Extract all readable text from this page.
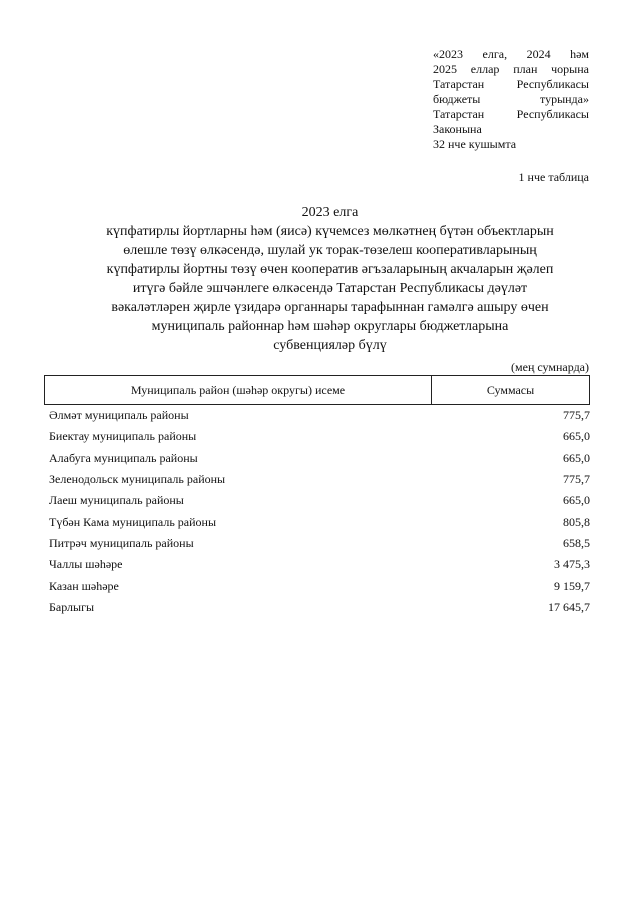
«2023 елга, 2024 һәм
2025 еллар план чорына
Татарстан Республикасы
бюджеты турында»
Татарстан Республикасы
Законына
32 нче кушымта
1 нче таблица
2023 елга
күпфатирлы йортларны һәм (яисә) күчемсез мөлкәтнең бүтән объектларын
өлешле төзү өлкәсендә, шулай ук торак-төзелеш кооперативларының
күпфатирлы йортны төзү өчен кооператив әгъзаларының акчаларын җәлеп
итүгә бәйле эшчәнлеге өлкәсендә Татарстан Республикасы дәүләт
вәкаләтләрен җирле үзидарә органнары тарафыннан гамәлгә ашыру өчен
муниципаль районнар һәм шәһәр округлары бюджетларына
субвенцияләр бүлү
(мең сумнарда)
Муниципаль район (шәһәр округы) исеме	Суммасы
Әлмәт муниципаль районы	775,7
Биектау муниципаль районы	665,0
Алабуга муниципаль районы	665,0
Зеленодольск муниципаль районы	775,7
Лаеш муниципаль районы	665,0
Түбән Кама муниципаль районы	805,8
Питрәч муниципаль районы	658,5
Чаллы шәһәре	3 475,3
Казан шәһәре	9 159,7
Барлыгы	17 645,7
